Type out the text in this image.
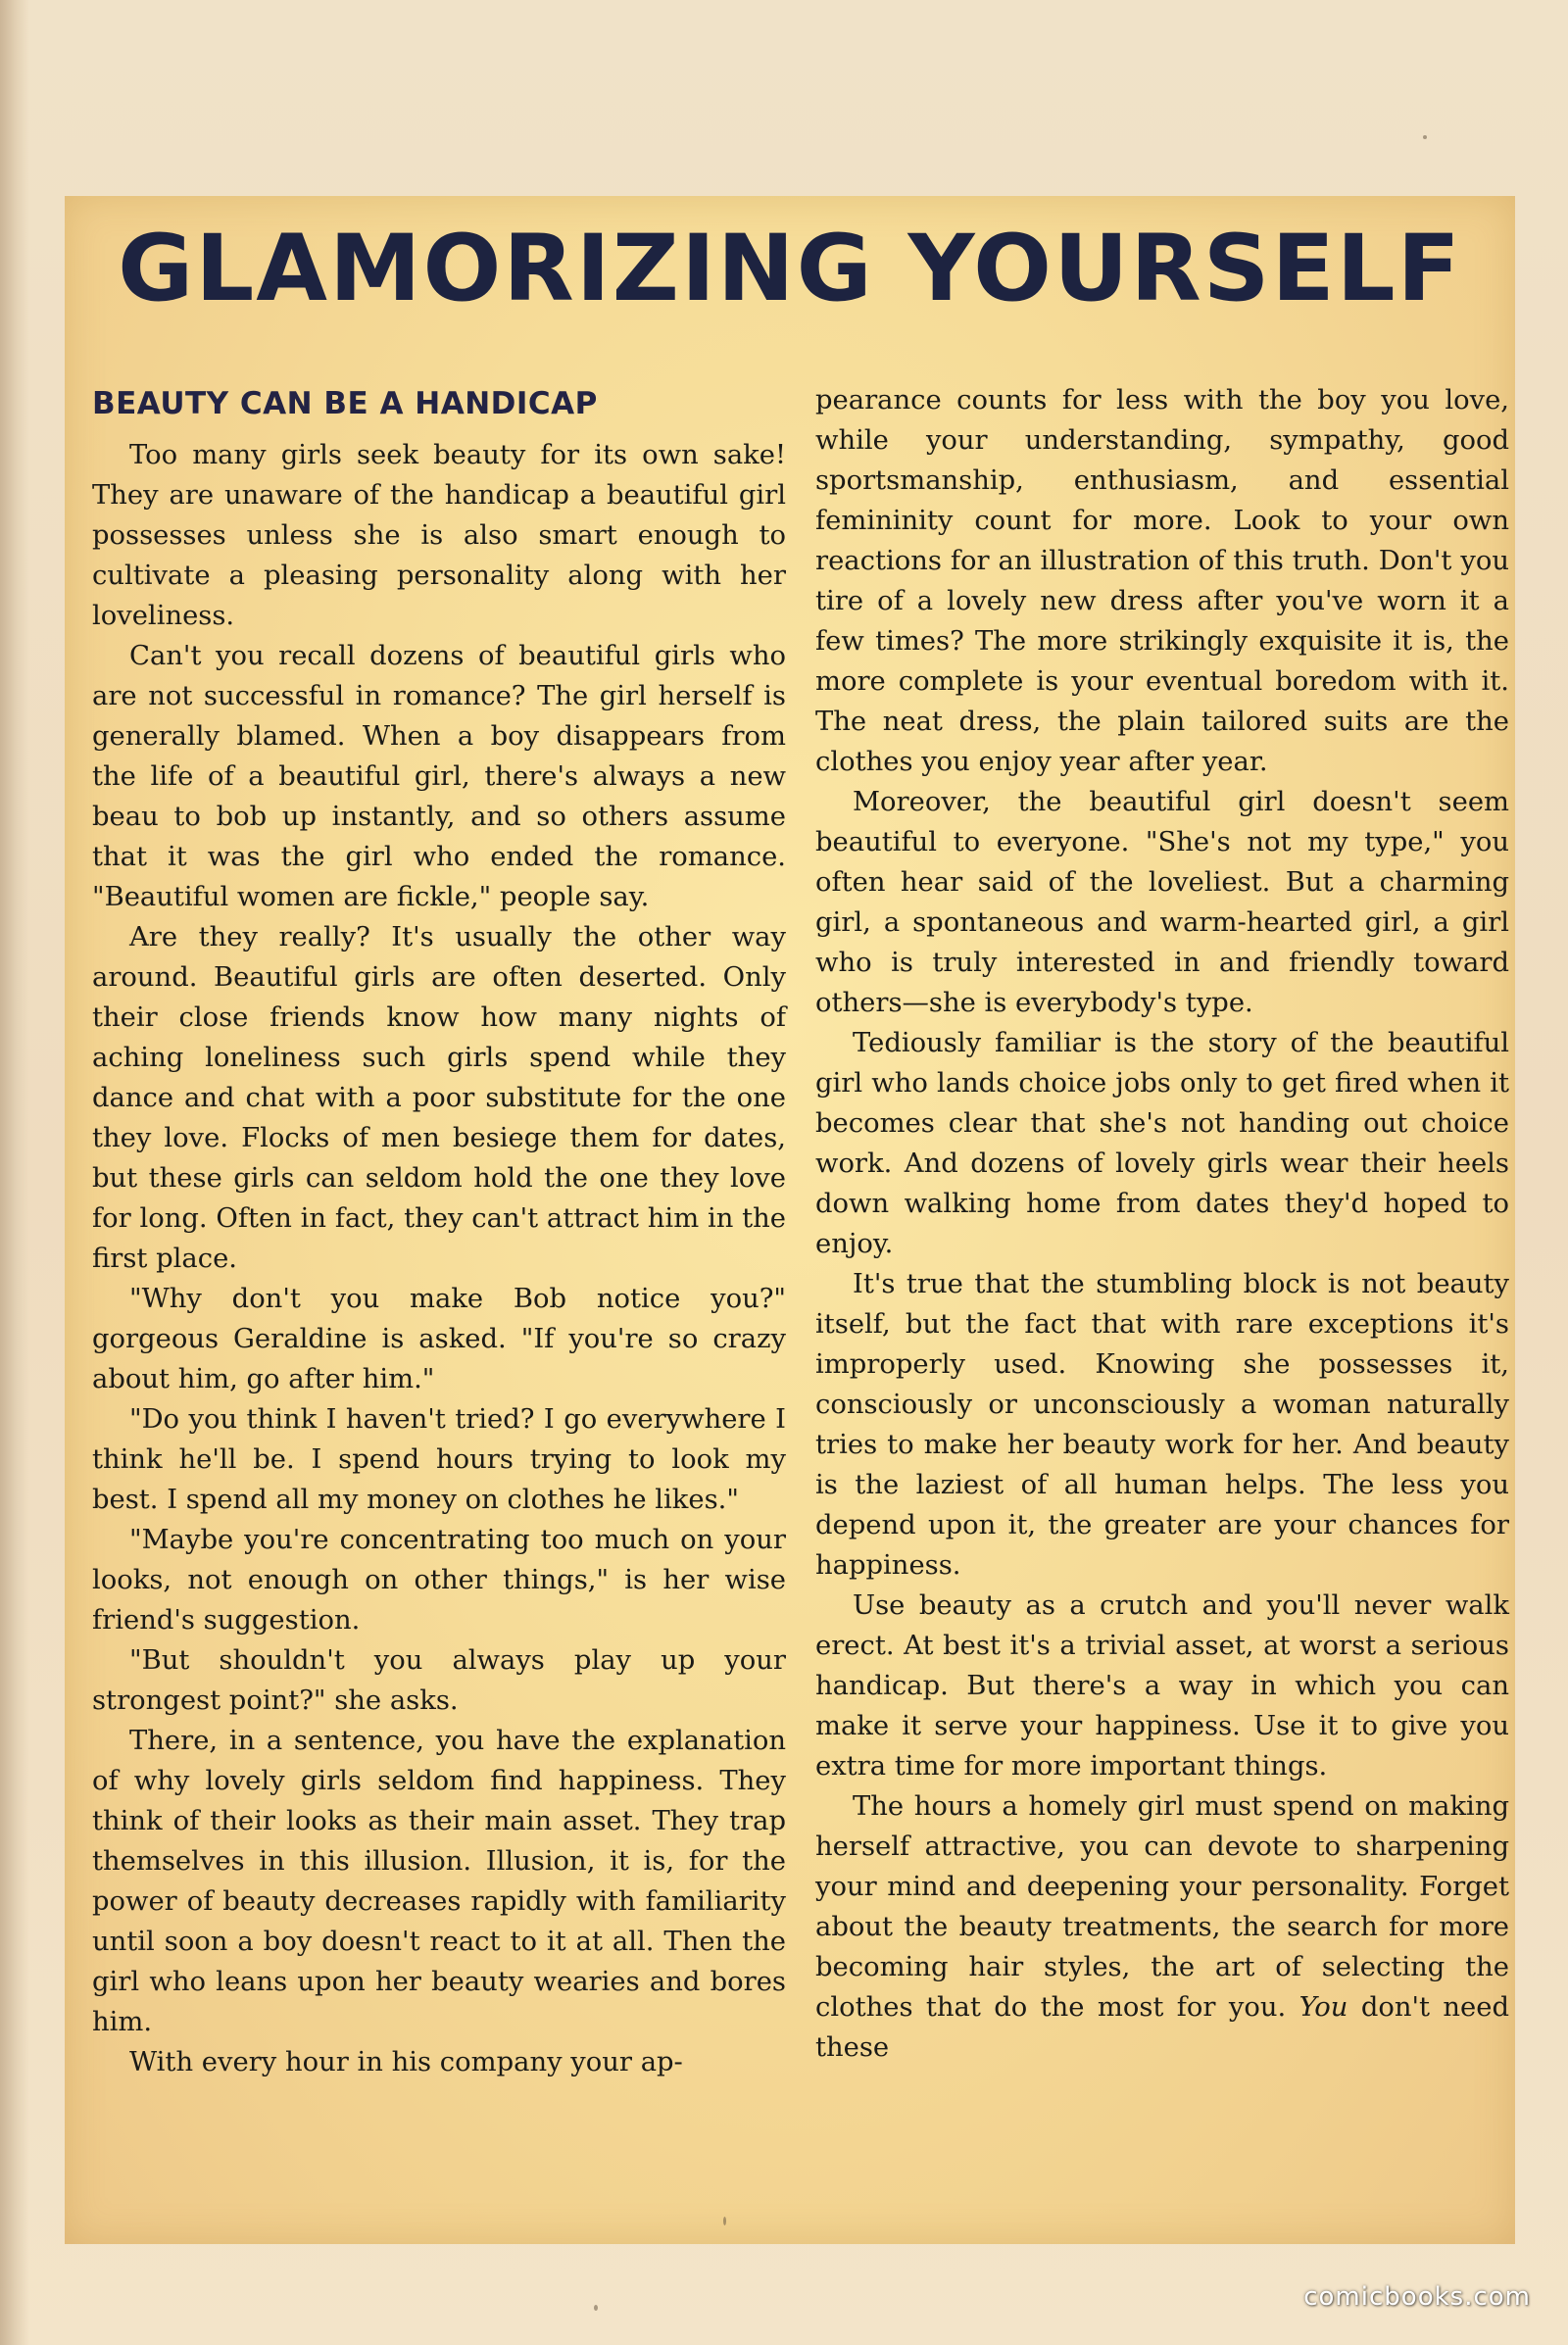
GLAMORIZING YOURSELF
BEAUTY CAN BE A HANDICAP

Too many girls seek beauty for its own sake! They are unaware of the handicap a beautiful girl possesses unless she is also smart enough to cultivate a pleasing personality along with her loveliness.

Can't you recall dozens of beautiful girls who are not successful in romance? The girl herself is generally blamed. When a boy disappears from the life of a beautiful girl, there's always a new beau to bob up instantly, and so others assume that it was the girl who ended the romance. "Beautiful women are fickle," people say.

Are they really? It's usually the other way around. Beautiful girls are often deserted. Only their close friends know how many nights of aching loneliness such girls spend while they dance and chat with a poor substitute for the one they love. Flocks of men besiege them for dates, but these girls can seldom hold the one they love for long. Often in fact, they can't attract him in the first place.

"Why don't you make Bob notice you?" gorgeous Geraldine is asked. "If you're so crazy about him, go after him."

"Do you think I haven't tried? I go everywhere I think he'll be. I spend hours trying to look my best. I spend all my money on clothes he likes."

"Maybe you're concentrating too much on your looks, not enough on other things," is her wise friend's suggestion.

"But shouldn't you always play up your strongest point?" she asks.

There, in a sentence, you have the explanation of why lovely girls seldom find happiness. They think of their looks as their main asset. They trap themselves in this illusion. Illusion, it is, for the power of beauty decreases rapidly with familiarity until soon a boy doesn't react to it at all. Then the girl who leans upon her beauty wearies and bores him.

With every hour in his company your ap-

pearance counts for less with the boy you love, while your understanding, sympathy, good sportsmanship, enthusiasm, and essential femininity count for more. Look to your own reactions for an illustration of this truth. Don't you tire of a lovely new dress after you've worn it a few times? The more strikingly exquisite it is, the more complete is your eventual boredom with it. The neat dress, the plain tailored suits are the clothes you enjoy year after year.

Moreover, the beautiful girl doesn't seem beautiful to everyone. "She's not my type," you often hear said of the loveliest. But a charming girl, a spontaneous and warm-hearted girl, a girl who is truly interested in and friendly toward others—she is everybody's type.

Tediously familiar is the story of the beautiful girl who lands choice jobs only to get fired when it becomes clear that she's not handing out choice work. And dozens of lovely girls wear their heels down walking home from dates they'd hoped to enjoy.

It's true that the stumbling block is not beauty itself, but the fact that with rare exceptions it's improperly used. Knowing she possesses it, consciously or unconsciously a woman naturally tries to make her beauty work for her. And beauty is the laziest of all human helps. The less you depend upon it, the greater are your chances for happiness.

Use beauty as a crutch and you'll never walk erect. At best it's a trivial asset, at worst a serious handicap. But there's a way in which you can make it serve your happiness. Use it to give you extra time for more important things.

The hours a homely girl must spend on making herself attractive, you can devote to sharpening your mind and deepening your personality. Forget about the beauty treatments, the search for more becoming hair styles, the art of selecting the clothes that do the most for you. You don't need these

comicbooks.com
